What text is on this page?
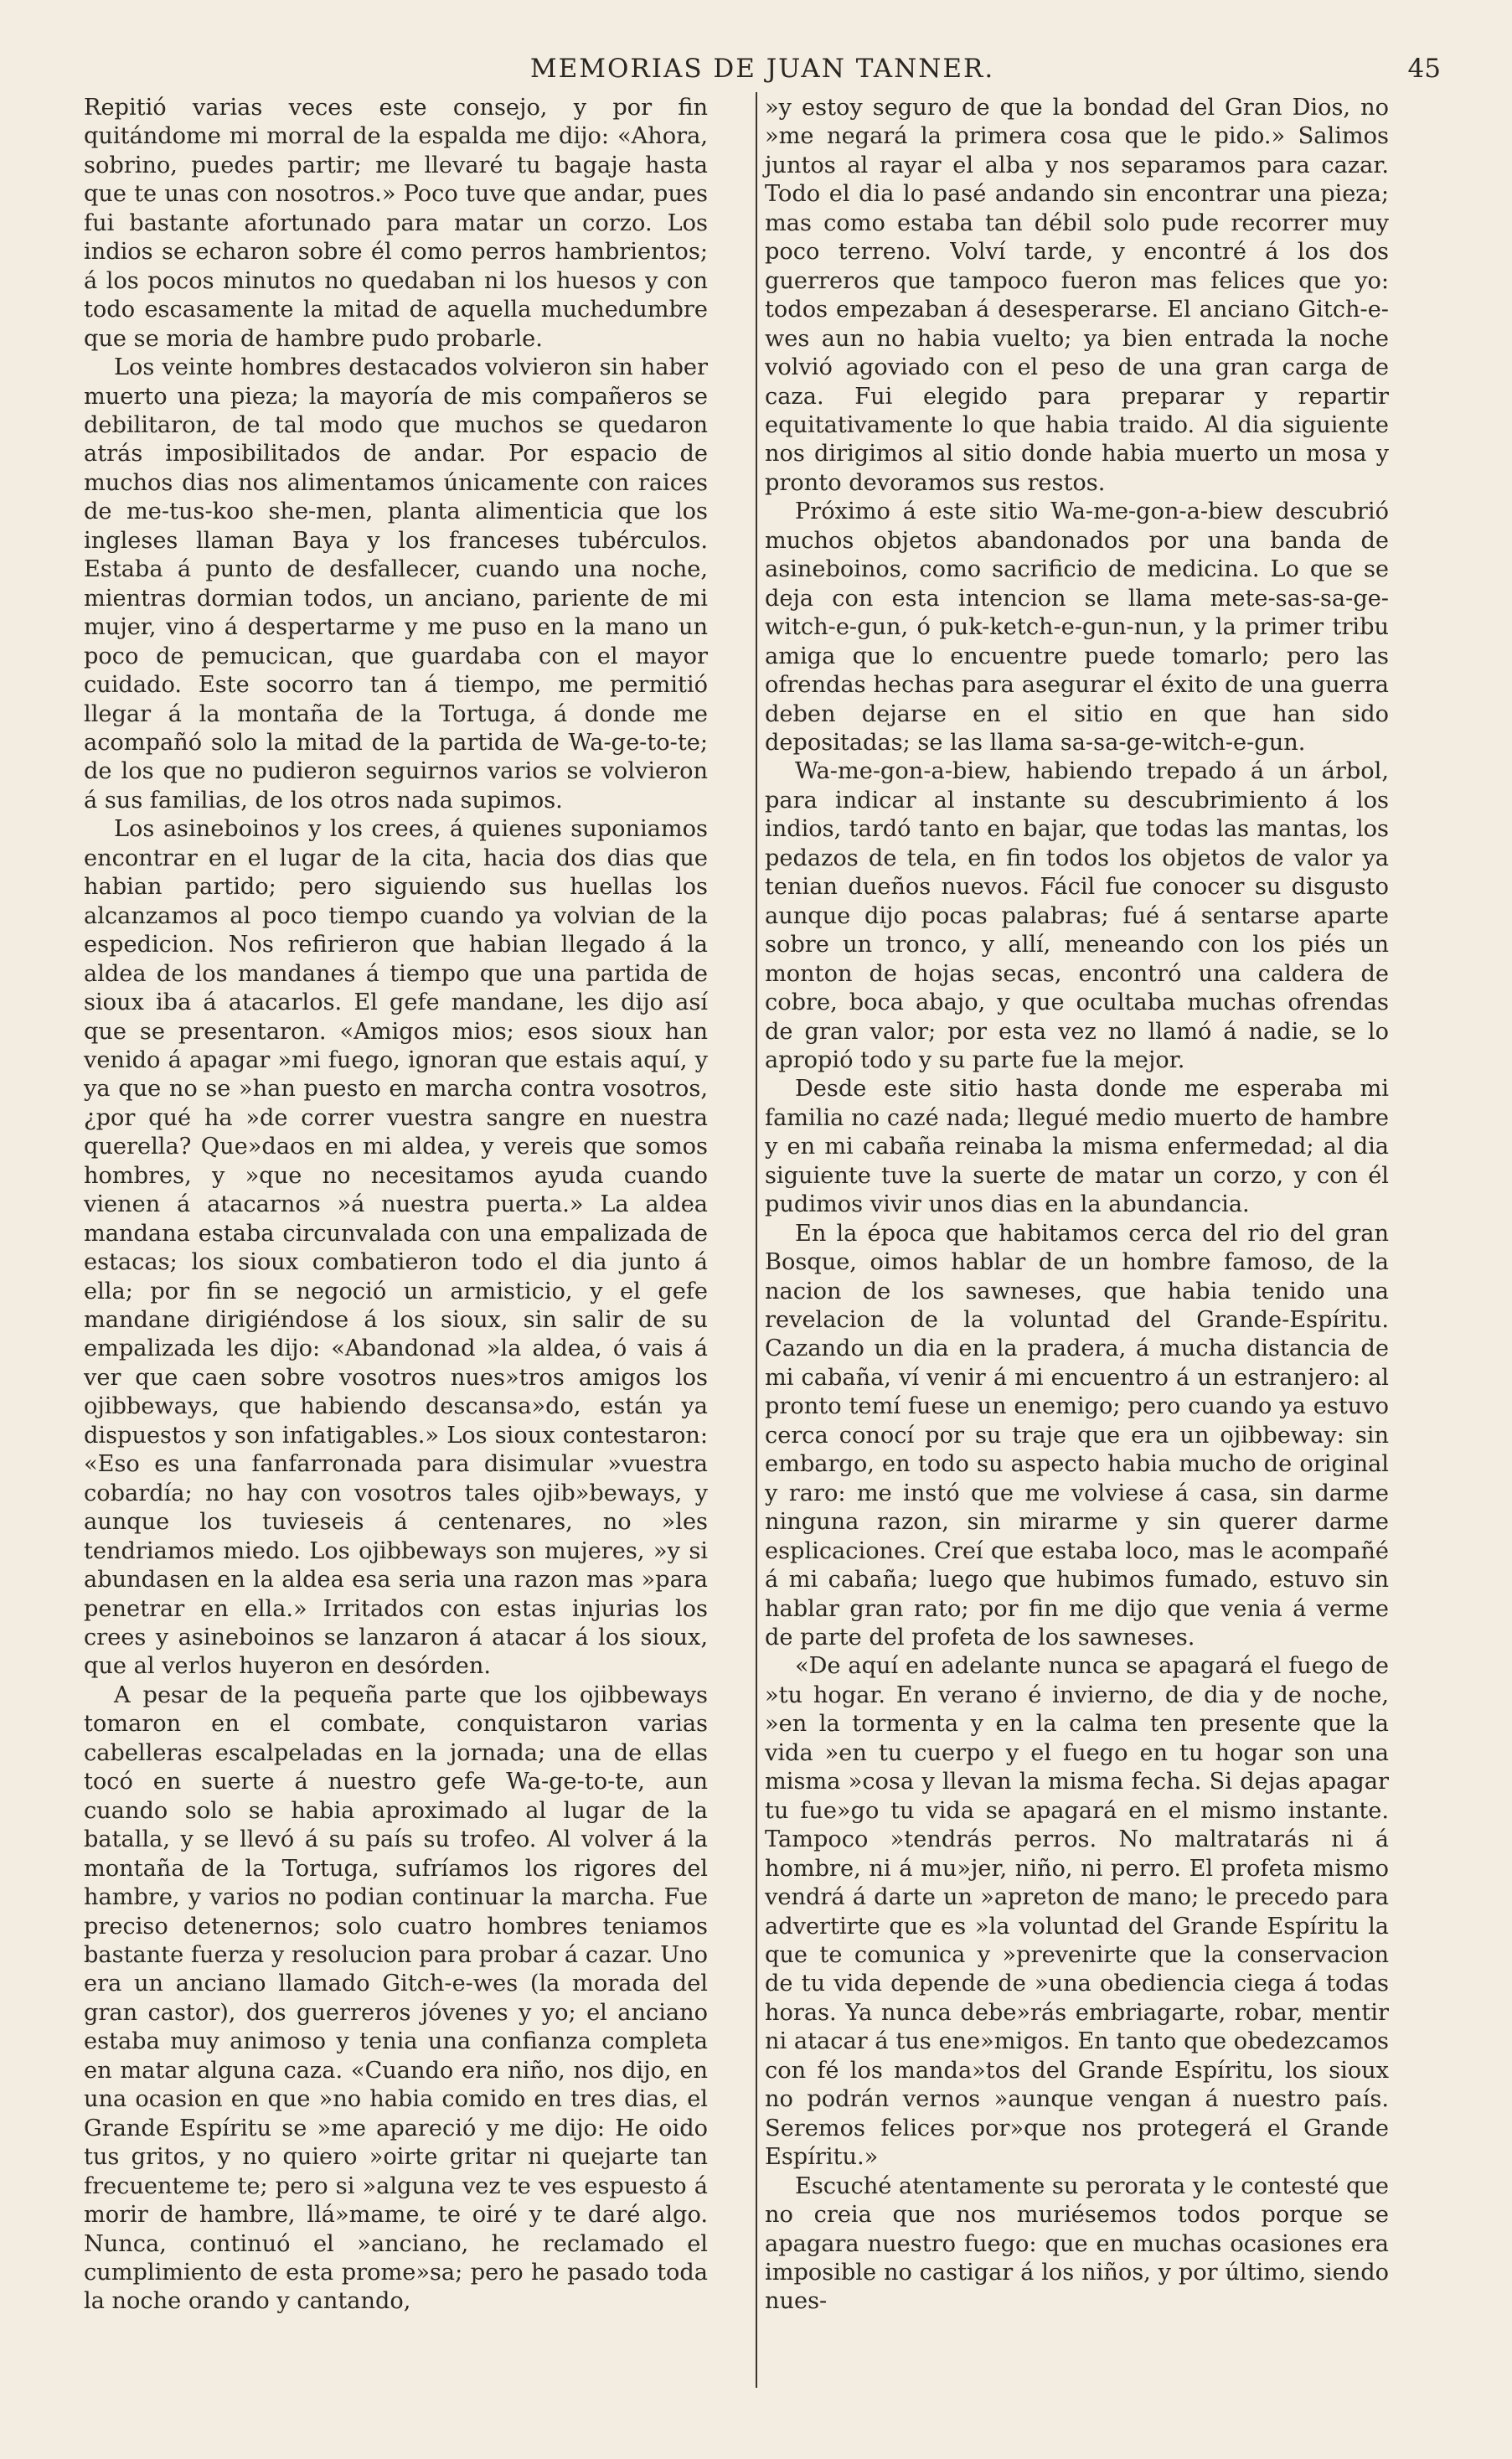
MEMORIAS DE JUAN TANNER.	45

Repitió varias veces este consejo, y por fin quitándome mi morral de la espalda me dijo: «Ahora, sobrino, puedes partir; me llevaré tu bagaje hasta que te unas con nosotros.» Poco tuve que andar, pues fui bastante afortunado para matar un corzo. Los indios se echaron sobre él como perros hambrientos; á los pocos minutos no quedaban ni los huesos y con todo escasamente la mitad de aquella muchedumbre que se moria de hambre pudo probarle.

Los veinte hombres destacados volvieron sin haber muerto una pieza; la mayoría de mis compañeros se debilitaron, de tal modo que muchos se quedaron atrás imposibilitados de andar. Por espacio de muchos dias nos alimentamos únicamente con raices de me-tus-koo she-men, planta alimenticia que los ingleses llaman Baya y los franceses tubérculos. Estaba á punto de desfallecer, cuando una noche, mientras dormian todos, un anciano, pariente de mi mujer, vino á despertarme y me puso en la mano un poco de pemucican, que guardaba con el mayor cuidado. Este socorro tan á tiempo, me permitió llegar á la montaña de la Tortuga, á donde me acompañó solo la mitad de la partida de Wa-ge-to-te; de los que no pudieron seguirnos varios se volvieron á sus familias, de los otros nada supimos.

Los asineboinos y los crees, á quienes suponiamos encontrar en el lugar de la cita, hacia dos dias que habian partido; pero siguiendo sus huellas los alcanzamos al poco tiempo cuando ya volvian de la espedicion. Nos refirieron que habian llegado á la aldea de los mandanes á tiempo que una partida de sioux iba á atacarlos. El gefe mandane, les dijo así que se presentaron. «Amigos mios; esos sioux han venido á apagar »mi fuego, ignoran que estais aquí, y ya que no se »han puesto en marcha contra vosotros, ¿por qué ha »de correr vuestra sangre en nuestra querella? Que»daos en mi aldea, y vereis que somos hombres, y »que no necesitamos ayuda cuando vienen á atacarnos »á nuestra puerta.» La aldea mandana estaba circunvalada con una empalizada de estacas; los sioux combatieron todo el dia junto á ella; por fin se negoció un armisticio, y el gefe mandane dirigiéndose á los sioux, sin salir de su empalizada les dijo: «Abandonad »la aldea, ó vais á ver que caen sobre vosotros nues»tros amigos los ojibbeways, que habiendo descansa»do, están ya dispuestos y son infatigables.» Los sioux contestaron: «Eso es una fanfarronada para disimular »vuestra cobardía; no hay con vosotros tales ojib»beways, y aunque los tuvieseis á centenares, no »les tendriamos miedo. Los ojibbeways son mujeres, »y si abundasen en la aldea esa seria una razon mas »para penetrar en ella.» Irritados con estas injurias los crees y asineboinos se lanzaron á atacar á los sioux, que al verlos huyeron en desórden.

A pesar de la pequeña parte que los ojibbeways tomaron en el combate, conquistaron varias cabelleras escalpeladas en la jornada; una de ellas tocó en suerte á nuestro gefe Wa-ge-to-te, aun cuando solo se habia aproximado al lugar de la batalla, y se llevó á su país su trofeo. Al volver á la montaña de la Tortuga, sufríamos los rigores del hambre, y varios no podian continuar la marcha. Fue preciso detenernos; solo cuatro hombres teniamos bastante fuerza y resolucion para probar á cazar. Uno era un anciano llamado Gitch-e-wes (la morada del gran castor), dos guerreros jóvenes y yo; el anciano estaba muy animoso y tenia una confianza completa en matar alguna caza. «Cuando era niño, nos dijo, en una ocasion en que »no habia comido en tres dias, el Grande Espíritu se »me apareció y me dijo: He oido tus gritos, y no quiero »oirte gritar ni quejarte tan frecuenteme te; pero si »alguna vez te ves espuesto á morir de hambre, llá»mame, te oiré y te daré algo. Nunca, continuó el »anciano, he reclamado el cumplimiento de esta prome»sa; pero he pasado toda la noche orando y cantando,

»y estoy seguro de que la bondad del Gran Dios, no »me negará la primera cosa que le pido.» Salimos juntos al rayar el alba y nos separamos para cazar. Todo el dia lo pasé andando sin encontrar una pieza; mas como estaba tan débil solo pude recorrer muy poco terreno. Volví tarde, y encontré á los dos guerreros que tampoco fueron mas felices que yo: todos empezaban á desesperarse. El anciano Gitch-e-wes aun no habia vuelto; ya bien entrada la noche volvió agoviado con el peso de una gran carga de caza. Fui elegido para preparar y repartir equitativamente lo que habia traido. Al dia siguiente nos dirigimos al sitio donde habia muerto un mosa y pronto devoramos sus restos.

Próximo á este sitio Wa-me-gon-a-biew descubrió muchos objetos abandonados por una banda de asineboinos, como sacrificio de medicina. Lo que se deja con esta intencion se llama mete-sas-sa-ge-witch-e-gun, ó puk-ketch-e-gun-nun, y la primer tribu amiga que lo encuentre puede tomarlo; pero las ofrendas hechas para asegurar el éxito de una guerra deben dejarse en el sitio en que han sido depositadas; se las llama sa-sa-ge-witch-e-gun.

Wa-me-gon-a-biew, habiendo trepado á un árbol, para indicar al instante su descubrimiento á los indios, tardó tanto en bajar, que todas las mantas, los pedazos de tela, en fin todos los objetos de valor ya tenian dueños nuevos. Fácil fue conocer su disgusto aunque dijo pocas palabras; fué á sentarse aparte sobre un tronco, y allí, meneando con los piés un monton de hojas secas, encontró una caldera de cobre, boca abajo, y que ocultaba muchas ofrendas de gran valor; por esta vez no llamó á nadie, se lo apropió todo y su parte fue la mejor.

Desde este sitio hasta donde me esperaba mi familia no cazé nada; llegué medio muerto de hambre y en mi cabaña reinaba la misma enfermedad; al dia siguiente tuve la suerte de matar un corzo, y con él pudimos vivir unos dias en la abundancia.

En la época que habitamos cerca del rio del gran Bosque, oimos hablar de un hombre famoso, de la nacion de los sawneses, que habia tenido una revelacion de la voluntad del Grande-Espíritu. Cazando un dia en la pradera, á mucha distancia de mi cabaña, ví venir á mi encuentro á un estranjero: al pronto temí fuese un enemigo; pero cuando ya estuvo cerca conocí por su traje que era un ojibbeway: sin embargo, en todo su aspecto habia mucho de original y raro: me instó que me volviese á casa, sin darme ninguna razon, sin mirarme y sin querer darme esplicaciones. Creí que estaba loco, mas le acompañé á mi cabaña; luego que hubimos fumado, estuvo sin hablar gran rato; por fin me dijo que venia á verme de parte del profeta de los sawneses.

«De aquí en adelante nunca se apagará el fuego de »tu hogar. En verano é invierno, de dia y de noche, »en la tormenta y en la calma ten presente que la vida »en tu cuerpo y el fuego en tu hogar son una misma »cosa y llevan la misma fecha. Si dejas apagar tu fue»go tu vida se apagará en el mismo instante. Tampoco »tendrás perros. No maltratarás ni á hombre, ni á mu»jer, niño, ni perro. El profeta mismo vendrá á darte un »apreton de mano; le precedo para advertirte que es »la voluntad del Grande Espíritu la que te comunica y »prevenirte que la conservacion de tu vida depende de »una obediencia ciega á todas horas. Ya nunca debe»rás embriagarte, robar, mentir ni atacar á tus ene»migos. En tanto que obedezcamos con fé los manda»tos del Grande Espíritu, los sioux no podrán vernos »aunque vengan á nuestro país. Seremos felices por»que nos protegerá el Grande Espíritu.»

Escuché atentamente su perorata y le contesté que no creia que nos muriésemos todos porque se apagara nuestro fuego: que en muchas ocasiones era imposible no castigar á los niños, y por último, siendo nues-
